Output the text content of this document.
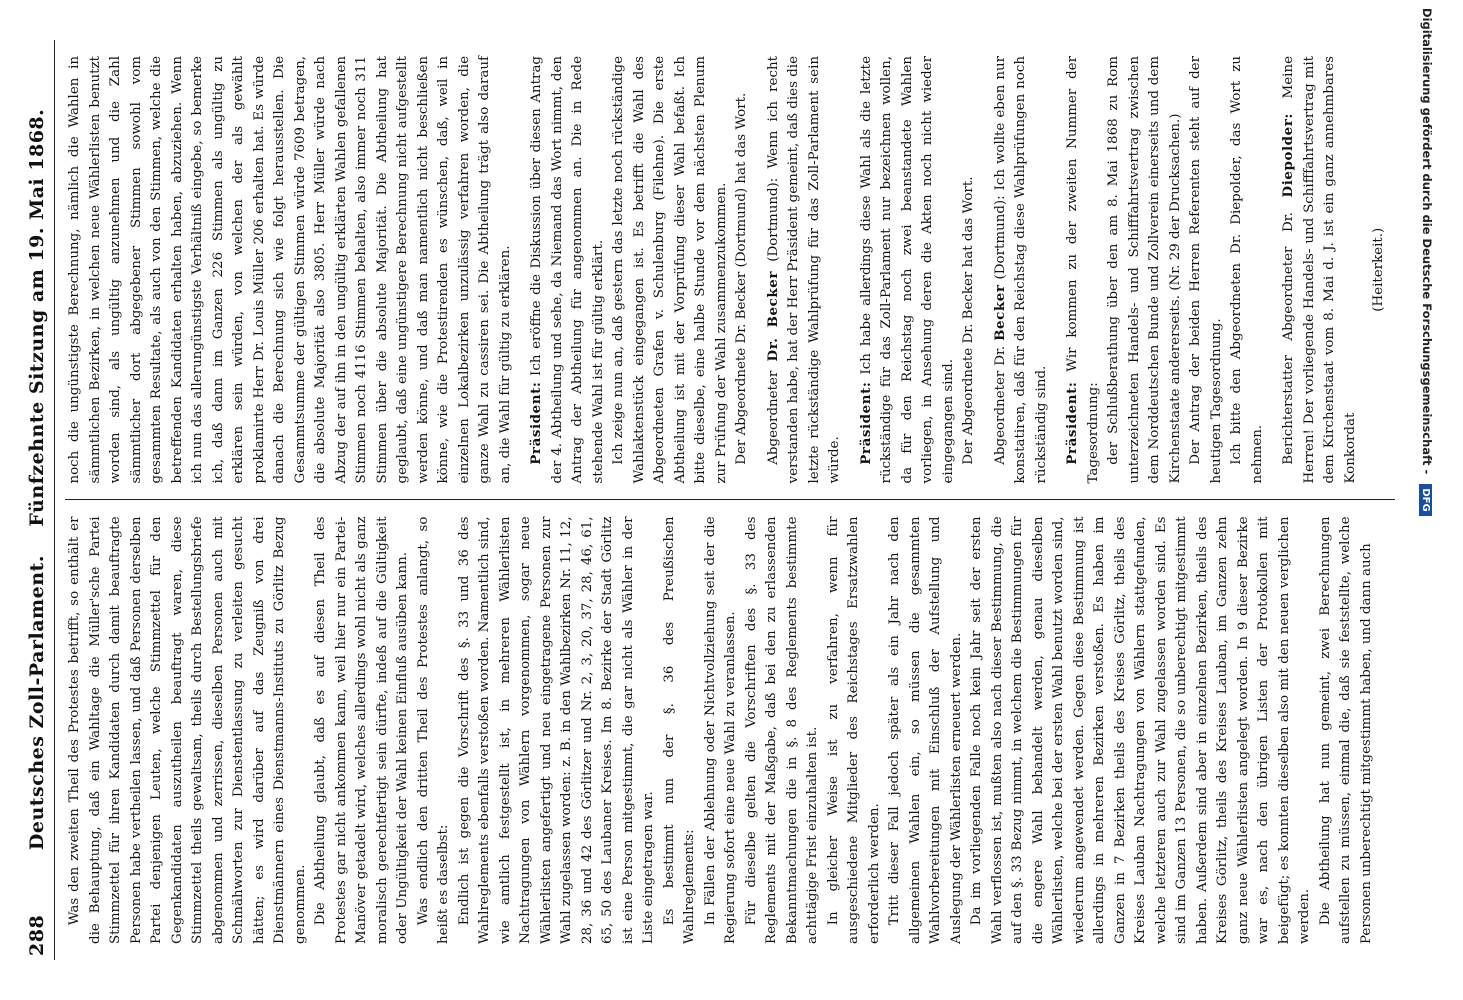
288
Deutsches Zoll-Parlament.    Fünfzehnte Sitzung am 19. Mai 1868.

Was den zweiten Theil des Protestes betrifft, so enthält er die Behauptung, daß ein Wahltage die Müller'sche Partei Stimmzettel für ihren Kandidaten durch damit beauftragte Personen habe vertheilen lassen, und daß Personen derselben Partei denjenigen Leuten, welche Stimmzettel für den Gegenkandidaten auszutheilen beauftragt waren, diese Stimmzettel theils gewaltsam, theils durch Bestellungsbriefe abgenommen und zerrissen, dieselben Personen auch mit Schmähworten zur Dienstentlassung zu verleiten gesucht hätten; es wird darüber auf das Zeugniß von drei Dienstmännern eines Dienstmanns-Instituts zu Görlitz Bezug genommen. Die Abtheilung glaubt, daß es auf diesen Theil des Protestes gar nicht ankommen kann, weil hier nur ein Partei-Manöver getadelt wird, welches allerdings wohl nicht als ganz moralisch gerechtfertigt sein dürfte, indeß auf die Gültigkeit oder Ungültigkeit der Wahl keinen Einfluß ausüben kann. Was endlich den dritten Theil des Protestes anlangt, so heißt es daselbst: Endlich ist gegen die Vorschrift des §. 33 und 36 des Wahlreglements ebenfalls verstoßen worden. Namentlich sind, wie amtlich festgestellt ist, in mehreren Wählerlisten Nachtragungen von Wählern vorgenommen, sogar neue Wählerlisten angefertigt und neu eingetragene Personen zur Wahl zugelassen worden: z. B. in den Wahlbezirken Nr. 11, 12, 28, 36 und 42 des Görlitzer und Nr. 2, 3, 20, 37, 28, 46, 61, 65, 50 des Laubaner Kreises. Im 8. Bezirke der Stadt Görlitz ist eine Person mitgestimmt, die gar nicht als Wähler in der Liste eingetragen war. Es bestimmt nun der §. 36 des Preußischen Wahlreglements: In Fällen der Ablehnung oder Nichtvollziehung seit der die Regierung sofort eine neue Wahl zu veranlassen. Für dieselbe gelten die Vorschriften des §. 33 des Reglements mit der Maßgabe, daß bei den zu erlassenden Bekanntmachungen die in §. 8 des Reglements bestimmte achttägige Frist einzuhalten ist. In gleicher Weise ist zu verfahren, wenn für ausgeschiedene Mitglieder des Reichstages Ersatzwahlen erforderlich werden. Tritt dieser Fall jedoch später als ein Jahr nach den allgemeinen Wahlen ein, so müssen die gesammten Wahlvorbereitungen mit Einschluß der Aufstellung und Auslegung der Wählerlisten erneuert werden. Da im vorliegenden Falle noch kein Jahr seit der ersten Wahl verflossen ist, mußten also nach dieser Bestimmung, die auf den §. 33 Bezug nimmt, in welchem die Bestimmungen für die engere Wahl behandelt werden, genau dieselben Wählerlisten, welche bei der ersten Wahl benutzt worden sind, wiederum angewendet werden. Gegen diese Bestimmung ist allerdings in mehreren Bezirken verstoßen. Es haben im Ganzen in 7 Bezirken theils des Kreises Görlitz, theils des Kreises Lauban Nachtragungen von Wählern stattgefunden, welche letzteren auch zur Wahl zugelassen worden sind. Es sind im Ganzen 13 Personen, die so unberechtigt mitgestimmt haben. Außerdem sind aber in einzelnen Bezirken, theils des Kreises Görlitz, theils des Kreises Lauban, im Ganzen zehn ganz neue Wählerlisten angelegt worden. In 9 dieser Bezirke war es, nach den übrigen Listen der Protokollen mit beigefügt; es konnten dieselben also mit den neuen verglichen werden. Die Abtheilung hat nun gemeint, zwei Berechnungen aufstellen zu müssen, einmal die, daß sie feststellte, welche Personen unberechtigt mitgestimmt haben, und dann auch

noch die ungünstigste Berechnung, nämlich die Wahlen in sämmtlichen Bezirken, in welchen neue Wählerlisten benutzt worden sind, als ungültig anzunehmen und die Zahl sämmtlicher dort abgegebener Stimmen sowohl vom gesammten Resultate, als auch von den Stimmen, welche die betreffenden Kandidaten erhalten haben, abzuziehen. Wenn ich nun das allerungünstigste Verhältniß eingebe, so bemerke ich, daß dann im Ganzen 226 Stimmen als ungültig zu erklären sein würden, von welchen der als gewählt proklamirte Herr Dr. Louis Müller 206 erhalten hat. Es würde danach die Berechnung sich wie folgt herausstellen. Die Gesammtsumme der gültigen Stimmen würde 7609 betragen, die absolute Majorität also 3805. Herr Müller würde nach Abzug der auf ihn in den ungültig erklärten Wahlen gefallenen Stimmen noch 4116 Stimmen behalten, also immer noch 311 Stimmen über die absolute Majorität. Die Abtheilung hat geglaubt, daß eine ungünstigere Berechnung nicht aufgestellt werden könne, und daß man namentlich nicht beschließen könne, wie die Protestirenden es wünschen, daß, weil in einzelnen Lokalbezirken unzulässig verfahren worden, die ganze Wahl zu cassiren sei. Die Abtheilung trägt also darauf an, die Wahl für gültig zu erklären. Präsident: Ich eröffne die Diskussion über diesen Antrag der 4. Abtheilung und sehe, da Niemand das Wort nimmt, den Antrag der Abtheilung für angenommen an. Die in Rede stehende Wahl ist für gültig erklärt. Ich zeige nun an, daß gestern das letzte noch rückständige Wahlaktenstück eingegangen ist. Es betrifft die Wahl des Abgeordneten Grafen v. Schulenburg (Filehne). Die erste Abtheilung ist mit der Vorprüfung dieser Wahl befaßt. Ich bitte dieselbe, eine halbe Stunde vor dem nächsten Plenum zur Prüfung der Wahl zusammenzukommen. Der Abgeordnete Dr. Becker (Dortmund) hat das Wort. Abgeordneter Dr. Becker (Dortmund): Wenn ich recht verstanden habe, hat der Herr Präsident gemeint, daß dies die letzte rückständige Wahlprüfung für das Zoll-Parlament sein würde. Präsident: Ich habe allerdings diese Wahl als die letzte rückständige für das Zoll-Parlament nur bezeichnen wollen, da für den Reichstag noch zwei beanstandete Wahlen vorliegen, in Ansehung deren die Akten noch nicht wieder eingegangen sind. Der Abgeordnete Dr. Becker hat das Wort. Abgeordneter Dr. Becker (Dortmund): Ich wollte eben nur konstatiren, daß für den Reichstag diese Wahlprüfungen noch rückständig sind. Präsident: Wir kommen zu der zweiten Nummer der Tagesordnung: der Schlußberathung über den am 8. Mai 1868 zu Rom unterzeichneten Handels- und Schifffahrtsvertrag zwischen dem Norddeutschen Bunde und Zollverein einerseits und dem Kirchenstaate andererseits. (Nr. 29 der Drucksachen.) Der Antrag der beiden Herren Referenten steht auf der heutigen Tagesordnung. Ich bitte den Abgeordneten Dr. Diepolder, das Wort zu nehmen. Berichterstatter Abgeordneter Dr. Diepolder: Meine Herren! Der vorliegende Handels- und Schifffahrtsvertrag mit dem Kirchenstaat vom 8. Mai d. J. ist ein ganz annehmbares Konkordat

(Heiterkeit.)	Digitalisierung gefördert durch die Deutsche Forschungsgemeinschaft - DFG
